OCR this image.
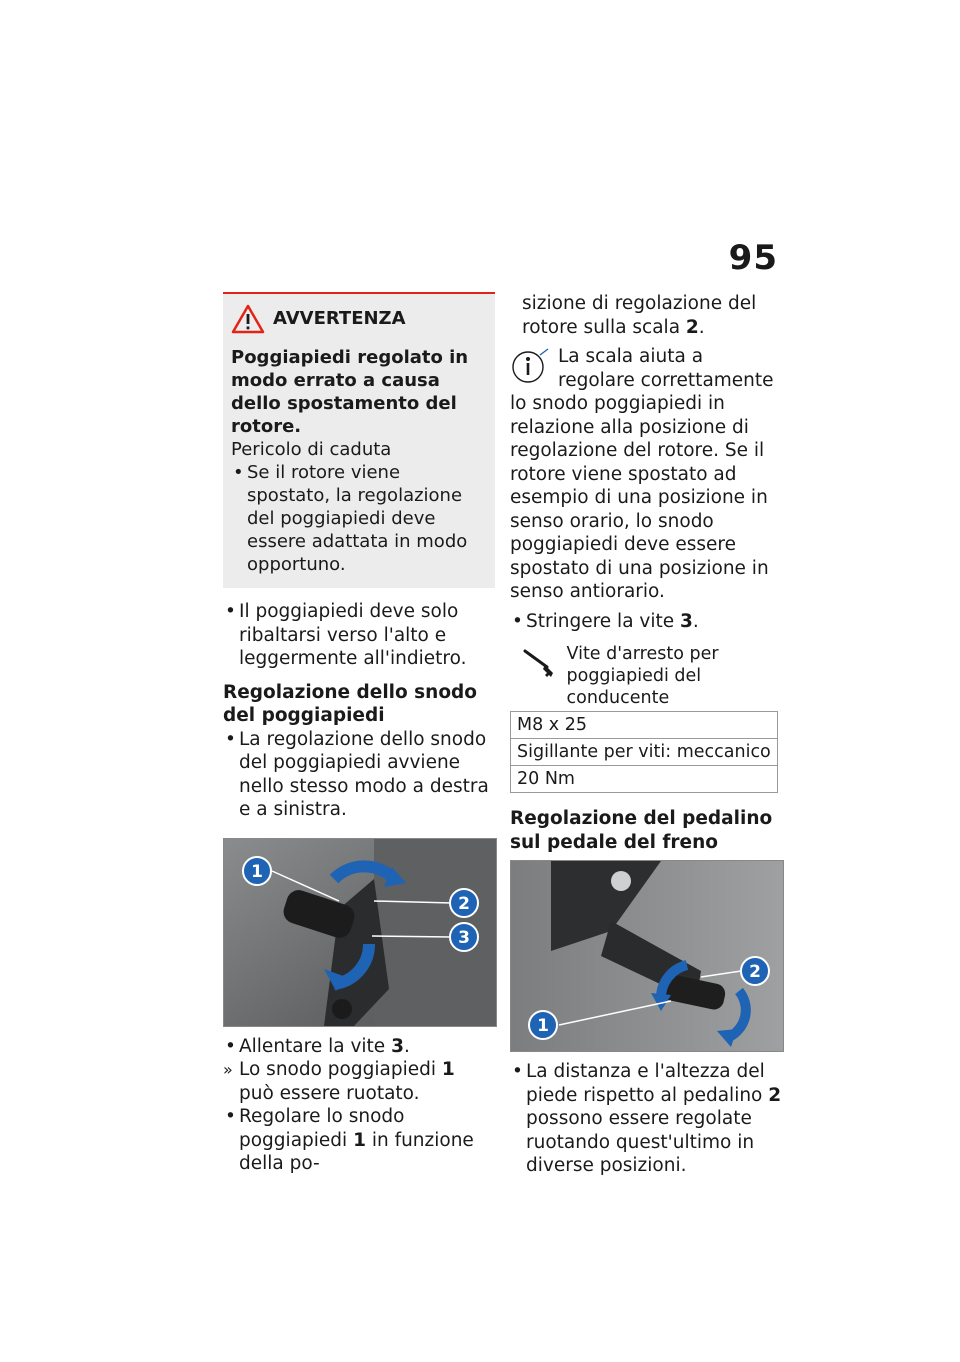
95
AVVERTENZA
Poggiapiedi regolato in modo errato a causa dello spostamento del rotore.
Pericolo di caduta
• Se il rotore viene spostato, la regolazione del poggiapiedi deve essere adattata in modo opportuno.
• Il poggiapiedi deve solo ribaltarsi verso l'alto e leggermente all'indietro.
Regolazione dello snodo del poggiapiedi
• La regolazione dello snodo del poggiapiedi avviene nello stesso modo a destra e a sinistra.
1
2
3
• Allentare la vite 3.
» Lo snodo poggiapiedi 1 può essere ruotato.
• Regolare lo snodo poggiapiedi 1 in funzione della po-
sizione di regolazione del rotore sulla scala 2.
La scala aiuta a regolare correttamente lo snodo poggiapiedi in relazione alla posizione di regolazione del rotore. Se il rotore viene spostato ad esempio di una posizione in senso orario, lo snodo poggiapiedi deve essere spostato di una posizione in senso antiorario.
• Stringere la vite 3.
Vite d'arresto per poggiapiedi del conducente

M8 x 25
Sigillante per viti: meccanico
20 Nm
Regolazione del pedalino sul pedale del freno
1
2
• La distanza e l'altezza del piede rispetto al pedalino 2 possono essere regolate ruotando quest'ultimo in diverse posizioni.
